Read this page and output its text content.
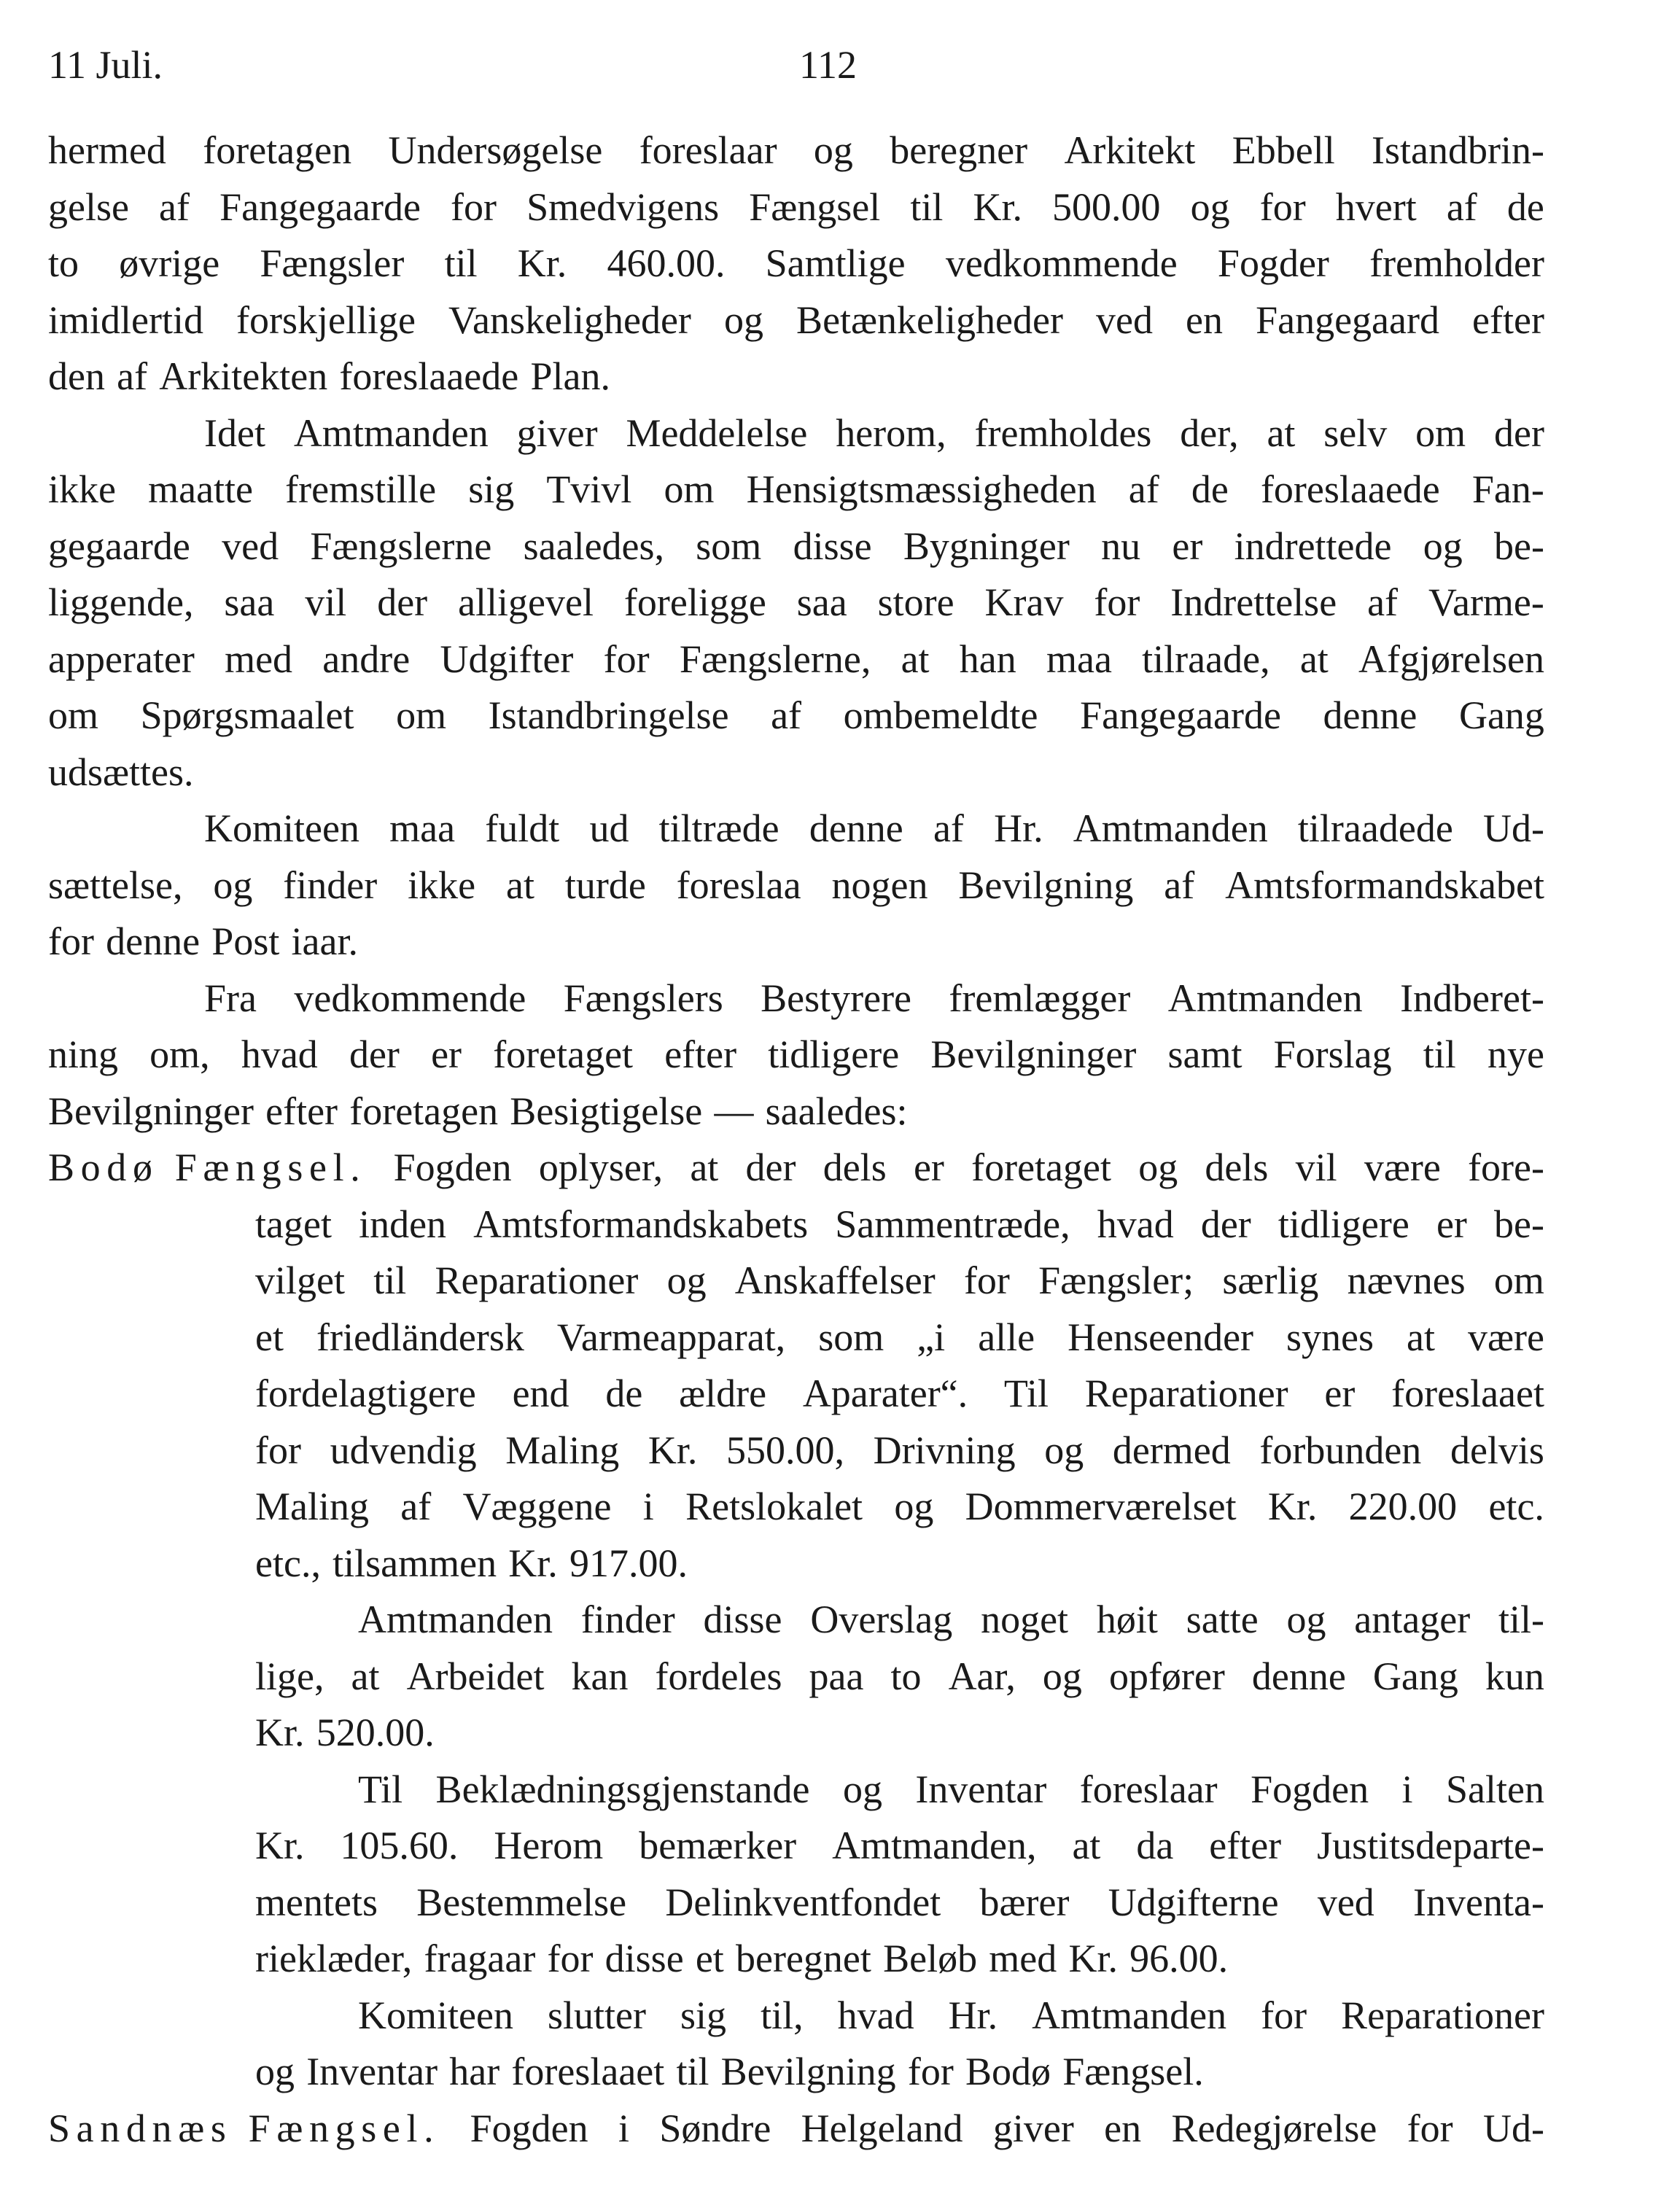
11 Juli.	112
hermed foretagen Undersøgelse foreslaar og beregner Arkitekt Ebbell Istandbrin-
gelse af Fangegaarde for Smedvigens Fængsel til Kr. 500.00 og for hvert af de
to øvrige Fængsler til Kr. 460.00. Samtlige vedkommende Fogder fremholder
imidlertid forskjellige Vanskeligheder og Betænkeligheder ved en Fangegaard efter
den af Arkitekten foreslaaede Plan.
Idet Amtmanden giver Meddelelse herom, fremholdes der, at selv om der
ikke maatte fremstille sig Tvivl om Hensigtsmæssigheden af de foreslaaede Fan-
gegaarde ved Fængslerne saaledes, som disse Bygninger nu er indrettede og be-
liggende, saa vil der alligevel foreligge saa store Krav for Indrettelse af Varme-
apperater med andre Udgifter for Fængslerne, at han maa tilraade, at Afgjørelsen
om Spørgsmaalet om Istandbringelse af ombemeldte Fangegaarde denne Gang
udsættes.
Komiteen maa fuldt ud tiltræde denne af Hr. Amtmanden tilraadede Ud-
sættelse, og finder ikke at turde foreslaa nogen Bevilgning af Amtsformandskabet
for denne Post iaar.
Fra vedkommende Fængslers Bestyrere fremlægger Amtmanden Indberet-
ning om, hvad der er foretaget efter tidligere Bevilgninger samt Forslag til nye
Bevilgninger efter foretagen Besigtigelse — saaledes:
Bodø Fængsel. Fogden oplyser, at der dels er foretaget og dels vil være fore-
taget inden Amtsformandskabets Sammentræde, hvad der tidligere er be-
vilget til Reparationer og Anskaffelser for Fængsler; særlig nævnes om
et friedländersk Varmeapparat, som „i alle Henseender synes at være
fordelagtigere end de ældre Aparater“. Til Reparationer er foreslaaet
for udvendig Maling Kr. 550.00, Drivning og dermed forbunden delvis
Maling af Væggene i Retslokalet og Dommerværelset Kr. 220.00 etc.
etc., tilsammen Kr. 917.00.
Amtmanden finder disse Overslag noget høit satte og antager til-
lige, at Arbeidet kan fordeles paa to Aar, og opfører denne Gang kun
Kr. 520.00.
Til Beklædningsgjenstande og Inventar foreslaar Fogden i Salten
Kr. 105.60. Herom bemærker Amtmanden, at da efter Justitsdeparte-
mentets Bestemmelse Delinkventfondet bærer Udgifterne ved Inventa-
rieklæder, fragaar for disse et beregnet Beløb med Kr. 96.00.
Komiteen slutter sig til, hvad Hr. Amtmanden for Reparationer
og Inventar har foreslaaet til Bevilgning for Bodø Fængsel.
Sandnæs Fængsel. Fogden i Søndre Helgeland giver en Redegjørelse for Ud-
